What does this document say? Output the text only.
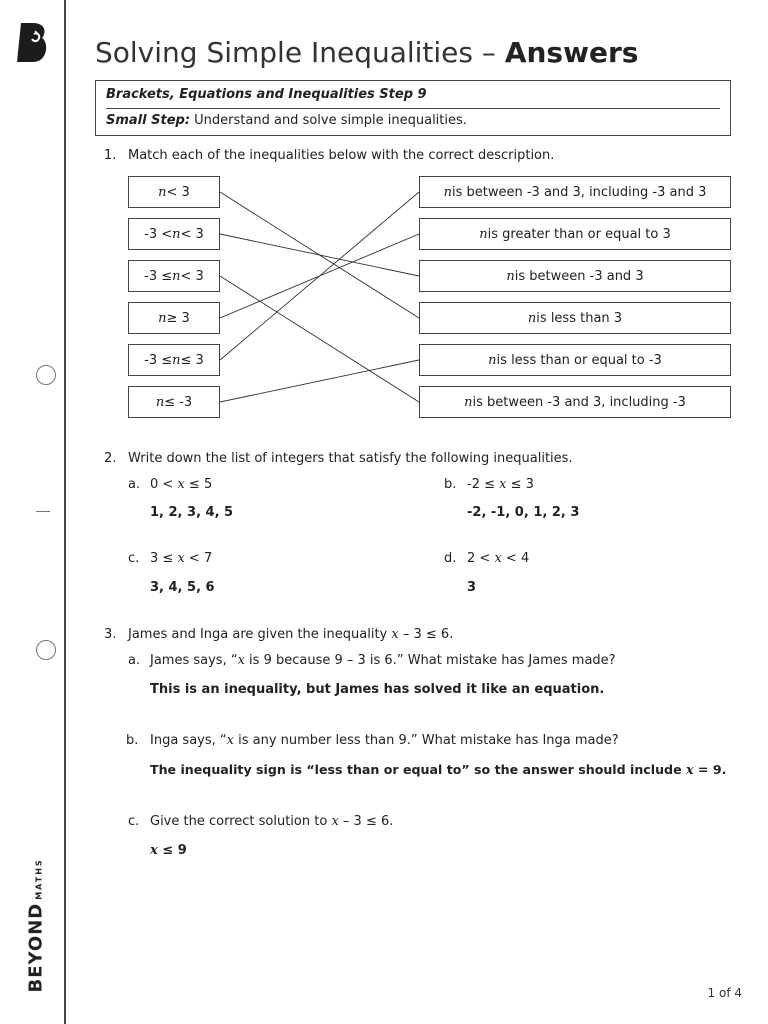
BEYONDMATHS
Solving Simple Inequalities – Answers
Brackets, Equations and Inequalities Step 9
Small Step: Understand and solve simple inequalities.
1. Match each of the inequalities below with the correct description.
n < 3
-3 < n < 3
-3 ≤ n < 3
n ≥ 3
-3 ≤ n ≤ 3
n ≤ -3
n is between -3 and 3, including -3 and 3
n is greater than or equal to 3
n is between -3 and 3
n is less than 3
n is less than or equal to -3
n is between -3 and 3, including -3
2. Write down the list of integers that satisfy the following inequalities.
a. 0 < x ≤ 5
1, 2, 3, 4, 5
b. -2 ≤ x ≤ 3
-2, -1, 0, 1, 2, 3
c. 3 ≤ x < 7
3, 4, 5, 6
d. 2 < x < 4
3
3. James and Inga are given the inequality x – 3 ≤ 6.
a. James says, “x is 9 because 9 – 3 is 6.” What mistake has James made?
This is an inequality, but James has solved it like an equation.
b. Inga says, “x is any number less than 9.” What mistake has Inga made?
The inequality sign is “less than or equal to” so the answer should include x = 9.
c. Give the correct solution to x – 3 ≤ 6.
x ≤ 9
1 of 4
